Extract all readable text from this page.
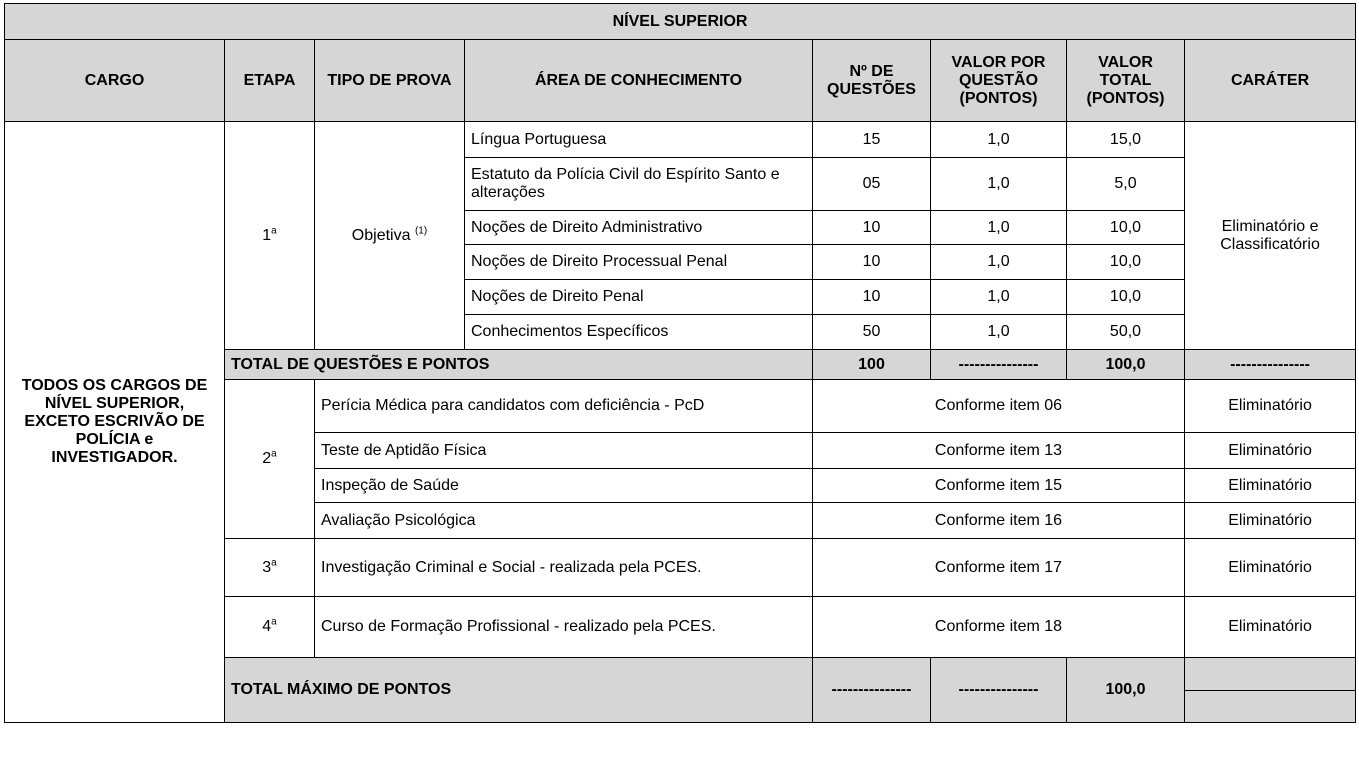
NÍVEL SUPERIOR							
CARGO	ETAPA	TIPO DE PROVA	ÁREA DE CONHECIMENTO	Nº DE QUESTÕES	VALOR POR QUESTÃO (PONTOS)	VALOR TOTAL (PONTOS)	CARÁTER
TODOS OS CARGOS DE NÍVEL SUPERIOR, EXCETO ESCRIVÃO DE POLÍCIA e INVESTIGADOR.	1$^a$	Objetiva $^{(1)}$	Língua Portuguesa	15	1,0	15,0	Eliminatório e Classificatório
			Estatuto da Polícia Civil do Espírito Santo e alterações	05	1,0	5,0	
			Noções de Direito Administrativo	10	1,0	10,0	
			Noções de Direito Processual Penal	10	1,0	10,0	
			Noções de Direito Penal	10	1,0	10,0	
			Conhecimentos Específicos	50	1,0	50,0	
	TOTAL DE QUESTÕES E PONTOS			100	---------------	100,0	---------------
	2$^a$	Perícia Médica para candidatos com deficiência - PcD		Conforme item 06			Eliminatório
		Teste de Aptidão Física		Conforme item 13			Eliminatório
		Inspeção de Saúde		Conforme item 15			Eliminatório
		Avaliação Psicológica		Conforme item 16			Eliminatório
	3$^a$	Investigação Criminal e Social - realizada pela PCES.		Conforme item 17			Eliminatório
	4$^a$	Curso de Formação Profissional - realizado pela PCES.		Conforme item 18			Eliminatório
	TOTAL MÁXIMO DE PONTOS			---------------	---------------	100,0	
